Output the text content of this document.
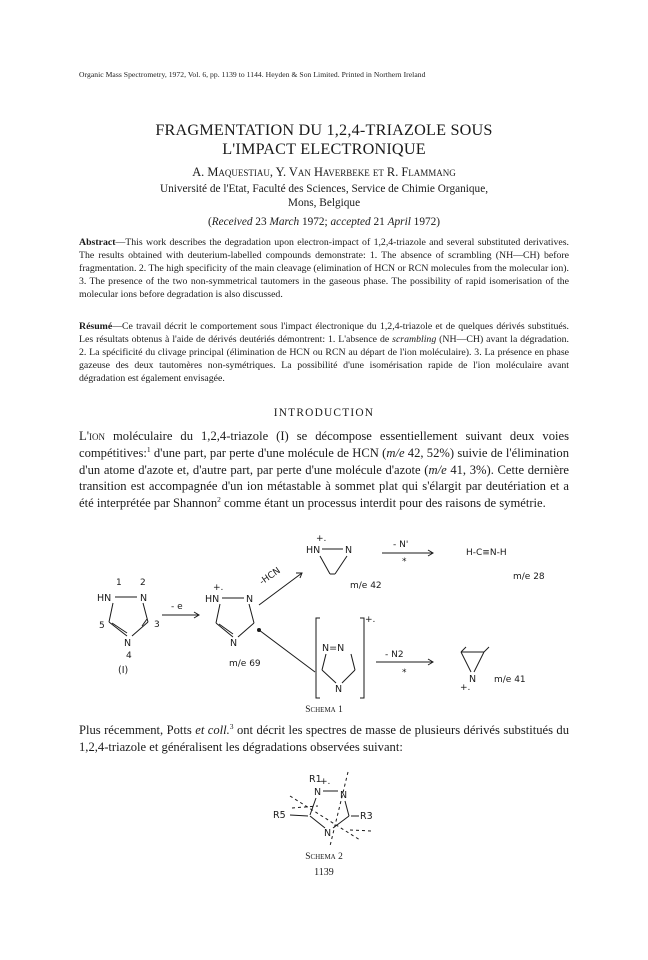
Organic Mass Spectrometry, 1972, Vol. 6, pp. 1139 to 1144. Heyden & Son Limited. Printed in Northern Ireland
FRAGMENTATION DU 1,2,4-TRIAZOLE SOUS
L'IMPACT ELECTRONIQUE
A. Maquestiau, Y. Van Haverbeke et R. Flammang
Université de l'Etat, Faculté des Sciences, Service de Chimie Organique,
Mons, Belgique
(Received 23 March 1972; accepted 21 April 1972)
Abstract—This work describes the degradation upon electron-impact of 1,2,4-triazole and several substituted derivatives. The results obtained with deuterium-labelled compounds demonstrate: 1. The absence of scrambling (NH—CH) before fragmentation. 2. The high specificity of the main cleavage (elimination of HCN or RCN molecules from the molecular ion). 3. The presence of the two non-symmetrical tautomers in the gaseous phase. The possibility of rapid isomerisation of the molecular ions before degradation is also discussed.
Résumé—Ce travail décrit le comportement sous l'impact électronique du 1,2,4-triazole et de quelques dérivés substitués. Les résultats obtenus à l'aide de dérivés deutériés démontrent: 1. L'absence de scrambling (NH—CH) avant la dégradation. 2. La spécificité du clivage principal (élimination de HCN ou RCN au départ de l'ion moléculaire). 3. La présence en phase gazeuse des deux tautomères non-symétriques. La possibilité d'une isomérisation rapide de l'ion moléculaire avant dégradation est également envisagée.
INTRODUCTION
L'ion moléculaire du 1,2,4-triazole (I) se décompose essentiellement suivant deux voies compétitives:$^1$ d'une part, par perte d'une molécule de HCN (m/e 42, 52%) suivie de l'élimination d'un atome d'azote et, d'autre part, par perte d'une molécule d'azote (m/e 41, 3%). Cette dernière transition est accompagnée d'un ion métastable à sommet plat qui s'élargit par deutériation et a été interprétée par Shannon$^2$ comme étant un processus interdit pour des raisons de symétrie.
1 2
HN	N
5	3
N
4
(I)
- e
+.
HN	N
N
m/e 69
-HCN
+.
HN	N
m/e 42
- N'
*
H-C≡N-H
m/e 28
+.
N=N
N
- N2
*
N
+.
m/e 41
Schema 1
Plus récemment, Potts et coll.$^3$ ont décrit les spectres de masse de plusieurs dérivés substitués du 1,2,4-triazole et généralisent les dégradations observées suivant:
R1
+.
N N
N
R5	R3
Schema 2
1139
